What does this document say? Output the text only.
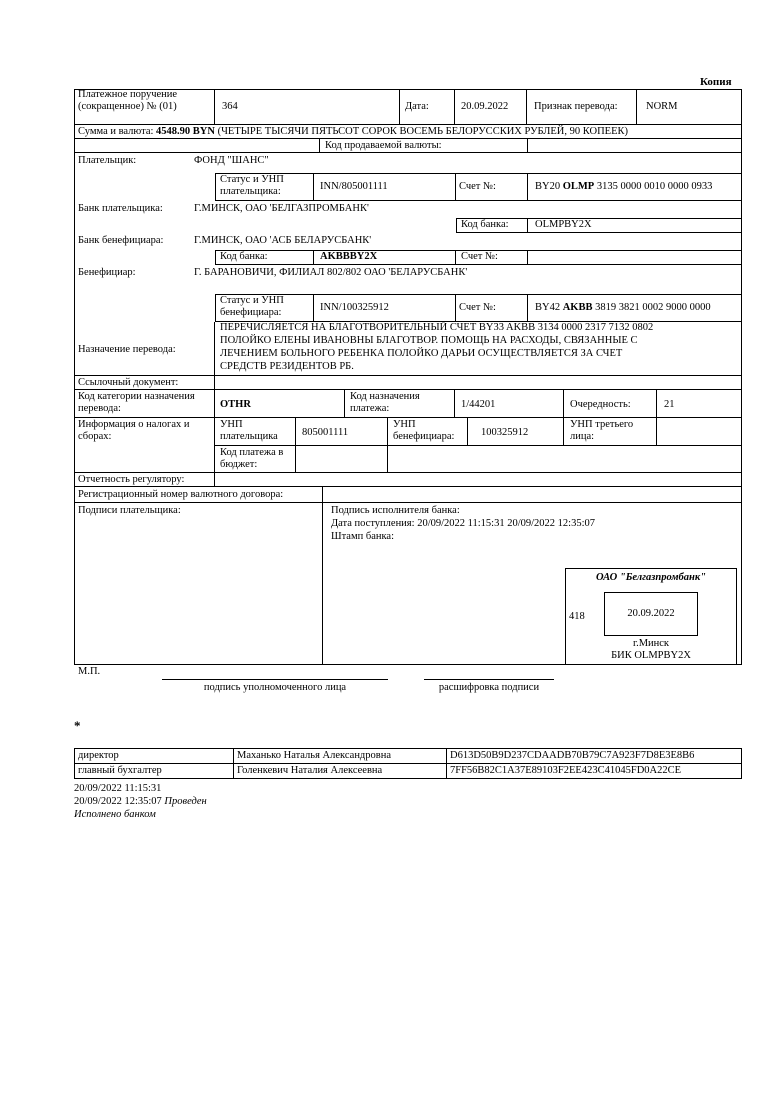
Копия
Платежное поручение (сокращенное) № (01)	364	Дата:	20.09.2022 Признак перевода:	NORM
Сумма и валюта: 4548.90 BYN (ЧЕТЫРЕ ТЫСЯЧИ ПЯТЬСОТ СОРОК ВОСЕМЬ БЕЛОРУССКИХ РУБЛЕЙ, 90 КОПЕЕК)
Код продаваемой валюты:
Плательщик:	ФОНД "ШАНС"
Статус и УНП плательщика:	INN/805001111	Счет №:	BY20 OLMP 3135 0000 0010 0000 0933
Банк плательщика:	Г.МИНСК, ОАО 'БЕЛГАЗПРОМБАНК'
Код банка:	OLMPBY2X
Банк бенефициара:	Г.МИНСК, ОАО 'АСБ БЕЛАРУСБАНК'
Код банка:	AKBBBY2X	Счет №:
Бенефициар:	Г. БАРАНОВИЧИ, ФИЛИАЛ 802/802 ОАО 'БЕЛАРУСБАНК'
Статус и УНП бенефициара:	INN/100325912	Счет №:	BY42 AKBB 3819 3821 0002 9000 0000
Назначение перевода:
ПЕРЕЧИСЛЯЕТСЯ НА БЛАГОТВОРИТЕЛЬНЫЙ СЧЕТ BY33 AKBB 3134 0000 2317 7132 0802
ПОЛОЙКО ЕЛЕНЫ ИВАНОВНЫ БЛАГОТВОР. ПОМОЩЬ НА РАСХОДЫ, СВЯЗАННЫЕ С
ЛЕЧЕНИЕМ БОЛЬНОГО РЕБЕНКА ПОЛОЙКО ДАРЬИ ОСУЩЕСТВЛЯЕТСЯ ЗА СЧЕТ
СРЕДСТВ РЕЗИДЕНТОВ РБ.
Ссылочный документ:
Код категории назначения перевода:	OTHR
Код назначения платежа:	1/44201	Очередность:	21
Информация о налогах и сборах:
УНП плательщика	805001111
УНП бенефициара:	100325912
УНП третьего лица:
Код платежа в бюджет:
Отчетность регулятору:
Регистрационный номер валютного договора:
Подписи плательщика:	Подпись исполнителя банка:
Дата поступления: 20/09/2022 11:15:31 20/09/2022 12:35:07
Штамп банка:
ОАО "Белгазпромбанк"
418	20.09.2022
г.Минск
БИК OLMPBY2X
М.П.
подпись уполномоченного лица	расшифровка подписи
*
директор	Маханько Наталья Александровна	D613D50B9D237CDAADB70B79C7A923F7D8E3E8B6
главный бухгалтер	Голенкевич Наталия Алексеевна	7FF56B82C1A37E89103F2EE423C41045FD0A22CE
20/09/2022 11:15:31
20/09/2022 12:35:07 Проведен
Исполнено банком
